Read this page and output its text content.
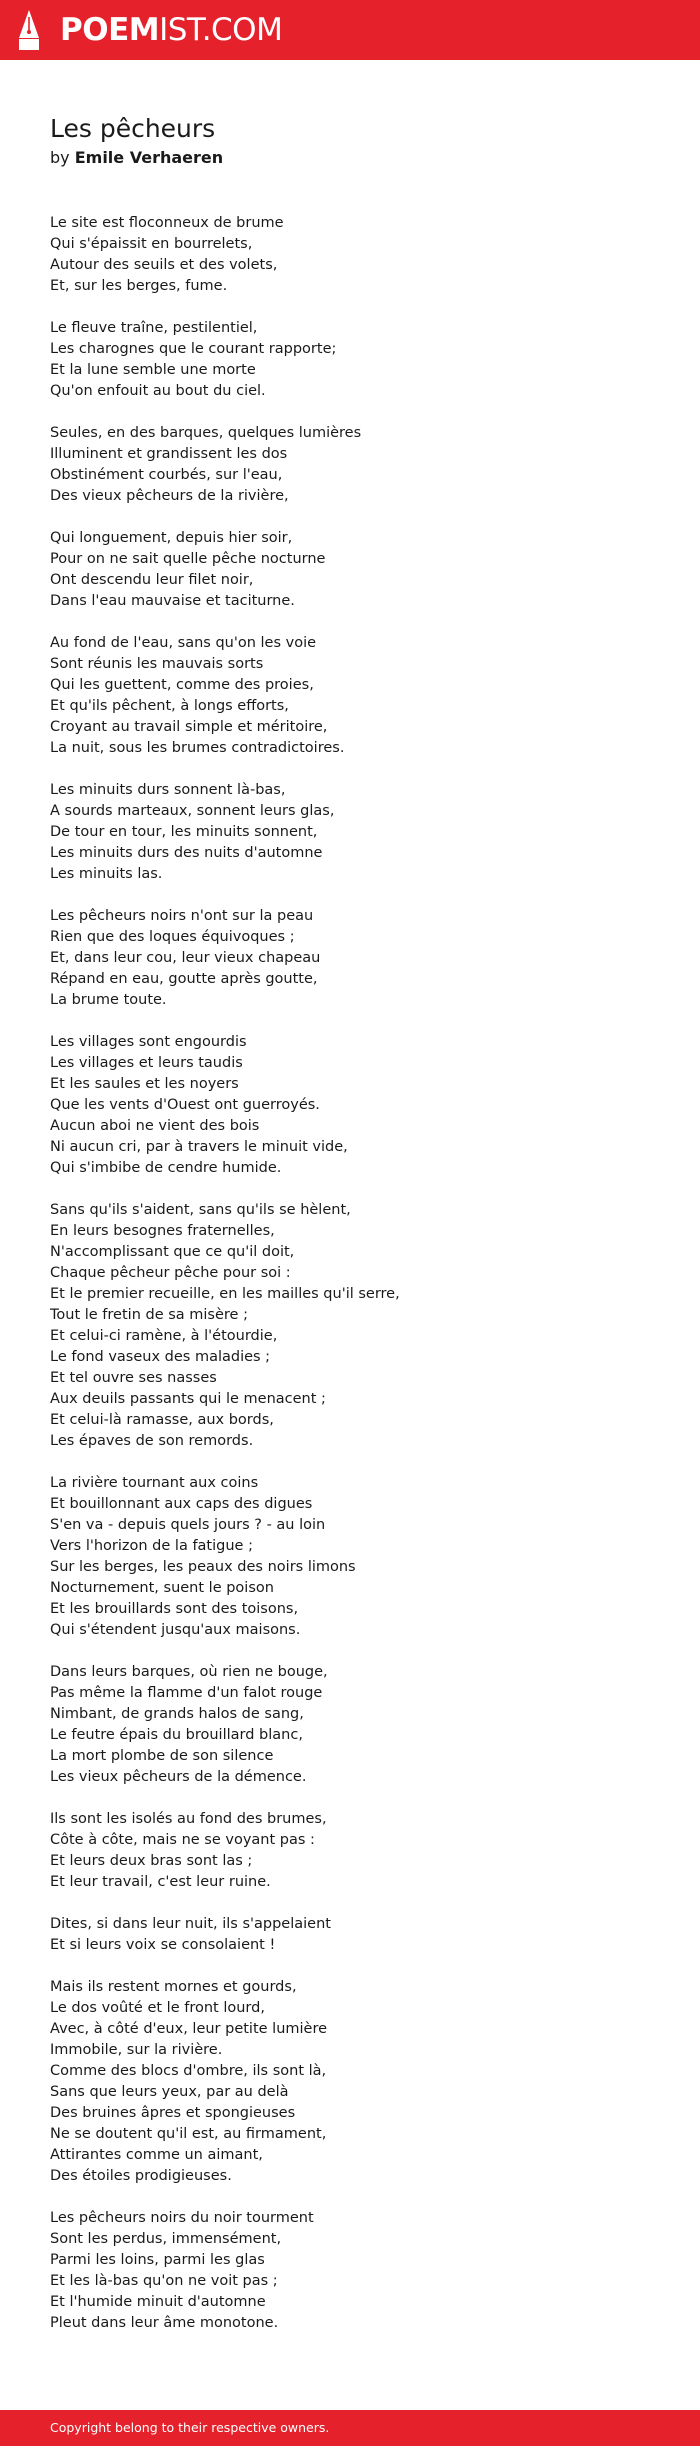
POEMIST.COM
Les pêcheurs
by Emile Verhaeren
Le site est floconneux de brume
Qui s'épaissit en bourrelets,
Autour des seuils et des volets,
Et, sur les berges, fume.
Le fleuve traîne, pestilentiel,
Les charognes que le courant rapporte;
Et la lune semble une morte
Qu'on enfouit au bout du ciel.
Seules, en des barques, quelques lumières
Illuminent et grandissent les dos
Obstinément courbés, sur l'eau,
Des vieux pêcheurs de la rivière,
Qui longuement, depuis hier soir,
Pour on ne sait quelle pêche nocturne
Ont descendu leur filet noir,
Dans l'eau mauvaise et taciturne.
Au fond de l'eau, sans qu'on les voie
Sont réunis les mauvais sorts
Qui les guettent, comme des proies,
Et qu'ils pêchent, à longs efforts,
Croyant au travail simple et méritoire,
La nuit, sous les brumes contradictoires.
Les minuits durs sonnent là-bas,
A sourds marteaux, sonnent leurs glas,
De tour en tour, les minuits sonnent,
Les minuits durs des nuits d'automne
Les minuits las.
Les pêcheurs noirs n'ont sur la peau
Rien que des loques équivoques ;
Et, dans leur cou, leur vieux chapeau
Répand en eau, goutte après goutte,
La brume toute.
Les villages sont engourdis
Les villages et leurs taudis
Et les saules et les noyers
Que les vents d'Ouest ont guerroyés.
Aucun aboi ne vient des bois
Ni aucun cri, par à travers le minuit vide,
Qui s'imbibe de cendre humide.
Sans qu'ils s'aident, sans qu'ils se hèlent,
En leurs besognes fraternelles,
N'accomplissant que ce qu'il doit,
Chaque pêcheur pêche pour soi :
Et le premier recueille, en les mailles qu'il serre,
Tout le fretin de sa misère ;
Et celui-ci ramène, à l'étourdie,
Le fond vaseux des maladies ;
Et tel ouvre ses nasses
Aux deuils passants qui le menacent ;
Et celui-là ramasse, aux bords,
Les épaves de son remords.
La rivière tournant aux coins
Et bouillonnant aux caps des digues
S'en va - depuis quels jours ? - au loin
Vers l'horizon de la fatigue ;
Sur les berges, les peaux des noirs limons
Nocturnement, suent le poison
Et les brouillards sont des toisons,
Qui s'étendent jusqu'aux maisons.
Dans leurs barques, où rien ne bouge,
Pas même la flamme d'un falot rouge
Nimbant, de grands halos de sang,
Le feutre épais du brouillard blanc,
La mort plombe de son silence
Les vieux pêcheurs de la démence.
Ils sont les isolés au fond des brumes,
Côte à côte, mais ne se voyant pas :
Et leurs deux bras sont las ;
Et leur travail, c'est leur ruine.
Dites, si dans leur nuit, ils s'appelaient
Et si leurs voix se consolaient !
Mais ils restent mornes et gourds,
Le dos voûté et le front lourd,
Avec, à côté d'eux, leur petite lumière
Immobile, sur la rivière.
Comme des blocs d'ombre, ils sont là,
Sans que leurs yeux, par au delà
Des bruines âpres et spongieuses
Ne se doutent qu'il est, au firmament,
Attirantes comme un aimant,
Des étoiles prodigieuses.
Les pêcheurs noirs du noir tourment
Sont les perdus, immensément,
Parmi les loins, parmi les glas
Et les là-bas qu'on ne voit pas ;
Et l'humide minuit d'automne
Pleut dans leur âme monotone.
Copyright belong to their respective owners.
